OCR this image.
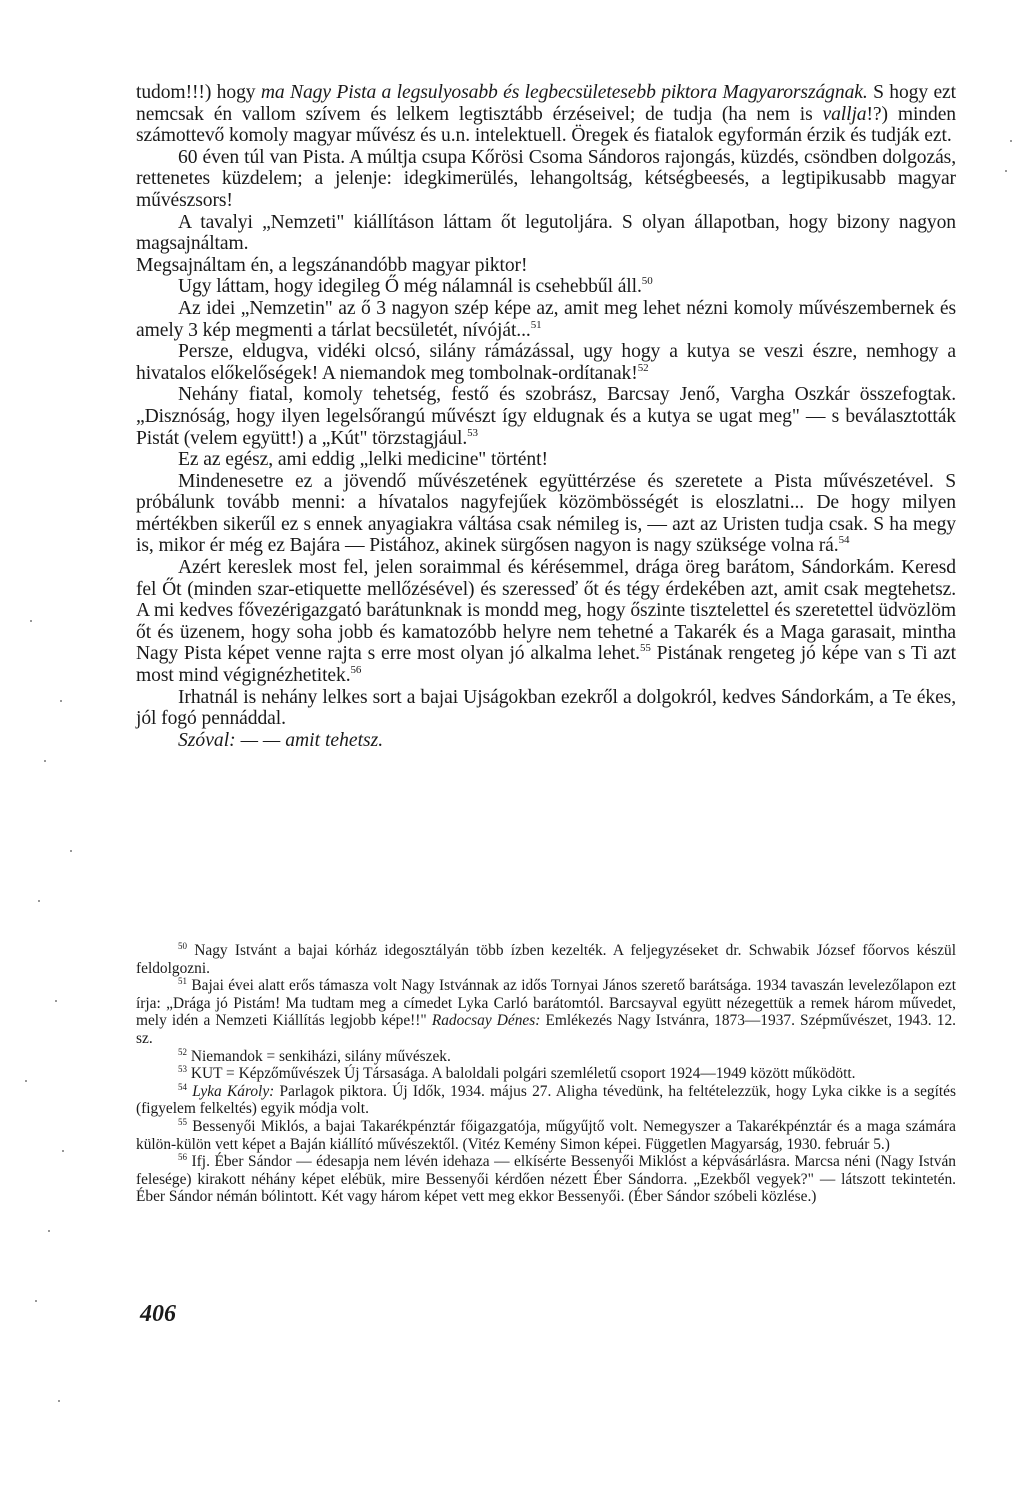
tudom!!!) hogy ma Nagy Pista a legsulyosabb és legbecsületesebb piktora Magyarországnak. S hogy ezt nemcsak én vallom szívem és lelkem legtisztább érzéseivel; de tudja (ha nem is vallja!?) minden számottevő komoly magyar művész és u.n. intelektuell. Öregek és fiatalok egyformán érzik és tudják ezt.

60 éven túl van Pista. A múltja csupa Kőrösi Csoma Sándoros rajongás, küzdés, csöndben dolgozás, rettenetes küzdelem; a jelenje: idegkimerülés, lehangoltság, kétségbeesés, a legtipikusabb magyar művészsors!

A tavalyi „Nemzeti" kiállításon láttam őt legutoljára. S olyan állapotban, hogy bizony nagyon magsajnáltam.

Megsajnáltam én, a legszánandóbb magyar piktor!

Ugy láttam, hogy idegileg Ő még nálamnál is csehebbűl áll.$^{50}$

Az idei „Nemzetin" az ő 3 nagyon szép képe az, amit meg lehet nézni komoly művészembernek és amely 3 kép megmenti a tárlat becsületét, nívóját...$^{51}$

Persze, eldugva, vidéki olcsó, silány rámázással, ugy hogy a kutya se veszi észre, nemhogy a hivatalos előkelőségek! A niemandok meg tombolnak-ordítanak!$^{52}$

Nehány fiatal, komoly tehetség, festő és szobrász, Barcsay Jenő, Vargha Oszkár összefogtak. „Disznóság, hogy ilyen legelsőrangú művészt így eldugnak és a kutya se ugat meg" — s beválasztották Pistát (velem együtt!) a „Kút" törzstagjául.$^{53}$

Ez az egész, ami eddig „lelki medicine" történt!

Mindenesetre ez a jövendő művészetének együttérzése és szeretete a Pista művészetével. S próbálunk tovább menni: a hívatalos nagyfejűek közömbösségét is eloszlatni... De hogy milyen mértékben sikerűl ez s ennek anyagiakra váltása csak némileg is, — azt az Uristen tudja csak. S ha megy is, mikor ér még ez Bajára — Pistához, akinek sürgősen nagyon is nagy szüksége volna rá.$^{54}$

Azért kereslek most fel, jelen soraimmal és kérésemmel, drága öreg barátom, Sándorkám. Keresd fel Őt (minden szar-etiquette mellőzésével) és szeresseď őt és tégy érdekében azt, amit csak megtehetsz. A mi kedves fővezérigazgató barátunknak is mondd meg, hogy őszinte tisztelettel és szeretettel üdvözlöm őt és üzenem, hogy soha jobb és kamatozóbb helyre nem tehetné a Takarék és a Maga garasait, mintha Nagy Pista képet venne rajta s erre most olyan jó alkalma lehet.$^{55}$ Pistának rengeteg jó képe van s Ti azt most mind végignézhetitek.$^{56}$

Irhatnál is nehány lelkes sort a bajai Ujságokban ezekről a dolgokról, kedves Sándorkám, a Te ékes, jól fogó pennáddal.

Szóval: — — amit tehetsz.

$^{50}$ Nagy Istvánt a bajai kórház idegosztályán több ízben kezelték. A feljegyzéseket dr. Schwabik József főorvos készül feldolgozni.

$^{51}$ Bajai évei alatt erős támasza volt Nagy Istvánnak az idős Tornyai János szerető barátsága. 1934 tavaszán levelezőlapon ezt írja: „Drága jó Pistám! Ma tudtam meg a címedet Lyka Carló barátomtól. Barcsayval együtt nézegettük a remek három művedet, mely idén a Nemzeti Kiállítás legjobb képe!!" Radocsay Dénes: Emlékezés Nagy Istvánra, 1873—1937. Szépművészet, 1943. 12. sz.

$^{52}$ Niemandok = senkiházi, silány művészek.

$^{53}$ KUT = Képzőművészek Új Társasága. A baloldali polgári szemléletű csoport 1924—1949 között működött.

$^{54}$ Lyka Károly: Parlagok piktora. Új Idők, 1934. május 27. Aligha tévedünk, ha feltételezzük, hogy Lyka cikke is a segítés (figyelem felkeltés) egyik módja volt.

$^{55}$ Bessenyői Miklós, a bajai Takarékpénztár főigazgatója, műgyűjtő volt. Nemegyszer a Takarékpénztár és a maga számára külön-külön vett képet a Baján kiállító művészektől. (Vitéz Kemény Simon képei. Független Magyarság, 1930. február 5.)

$^{56}$ Ifj. Éber Sándor — édesapja nem lévén idehaza — elkísérte Bessenyői Miklóst a képvásárlásra. Marcsa néni (Nagy István felesége) kirakott néhány képet elébük, mire Bessenyői kérdően nézett Éber Sándorra. „Ezekből vegyek?" — látszott tekintetén. Éber Sándor némán bólintott. Két vagy három képet vett meg ekkor Bessenyői. (Éber Sándor szóbeli közlése.)

406
